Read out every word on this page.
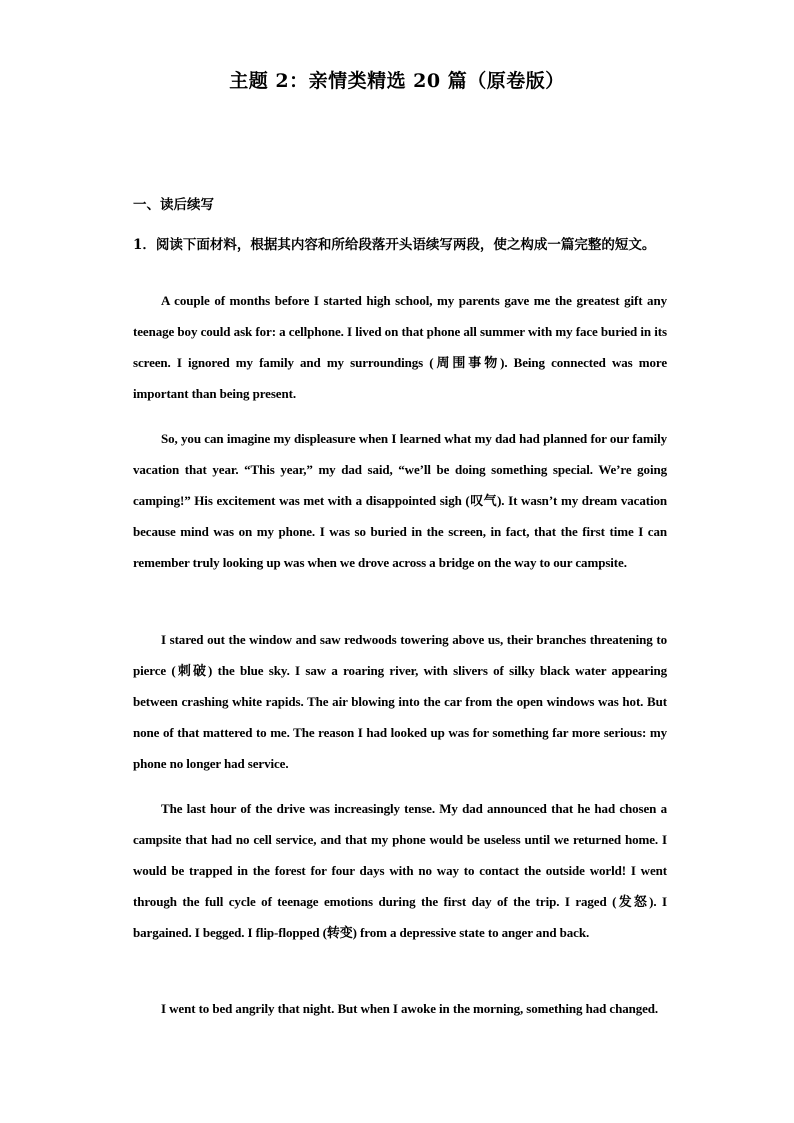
主题 2：亲情类精选 20 篇（原卷版）
一、读后续写
1．阅读下面材料，根据其内容和所给段落开头语续写两段，使之构成一篇完整的短文。

A couple of months before I started high school, my parents gave me the greatest gift any teenage boy could ask for: a cellphone. I lived on that phone all summer with my face buried in its screen. I ignored my family and my surroundings (周围事物). Being connected was more important than being present.

So, you can imagine my displeasure when I learned what my dad had planned for our family vacation that year. “This year,” my dad said, “we’ll be doing something special. We’re going camping!” His excitement was met with a disappointed sigh (叹气). It wasn’t my dream vacation because mind was on my phone. I was so buried in the screen, in fact, that the first time I can remember truly looking up was when we drove across a bridge on the way to our campsite.

I stared out the window and saw redwoods towering above us, their branches threatening to pierce (刺破) the blue sky. I saw a roaring river, with slivers of silky black water appearing between crashing white rapids. The air blowing into the car from the open windows was hot. But none of that mattered to me. The reason I had looked up was for something far more serious: my phone no longer had service.

The last hour of the drive was increasingly tense. My dad announced that he had chosen a campsite that had no cell service, and that my phone would be useless until we returned home. I would be trapped in the forest for four days with no way to contact the outside world! I went through the full cycle of teenage emotions during the first day of the trip. I raged (发怒). I bargained. I begged. I flip-flopped (转变) from a depressive state to anger and back.

I went to bed angrily that night. But when I awoke in the morning, something had changed.
